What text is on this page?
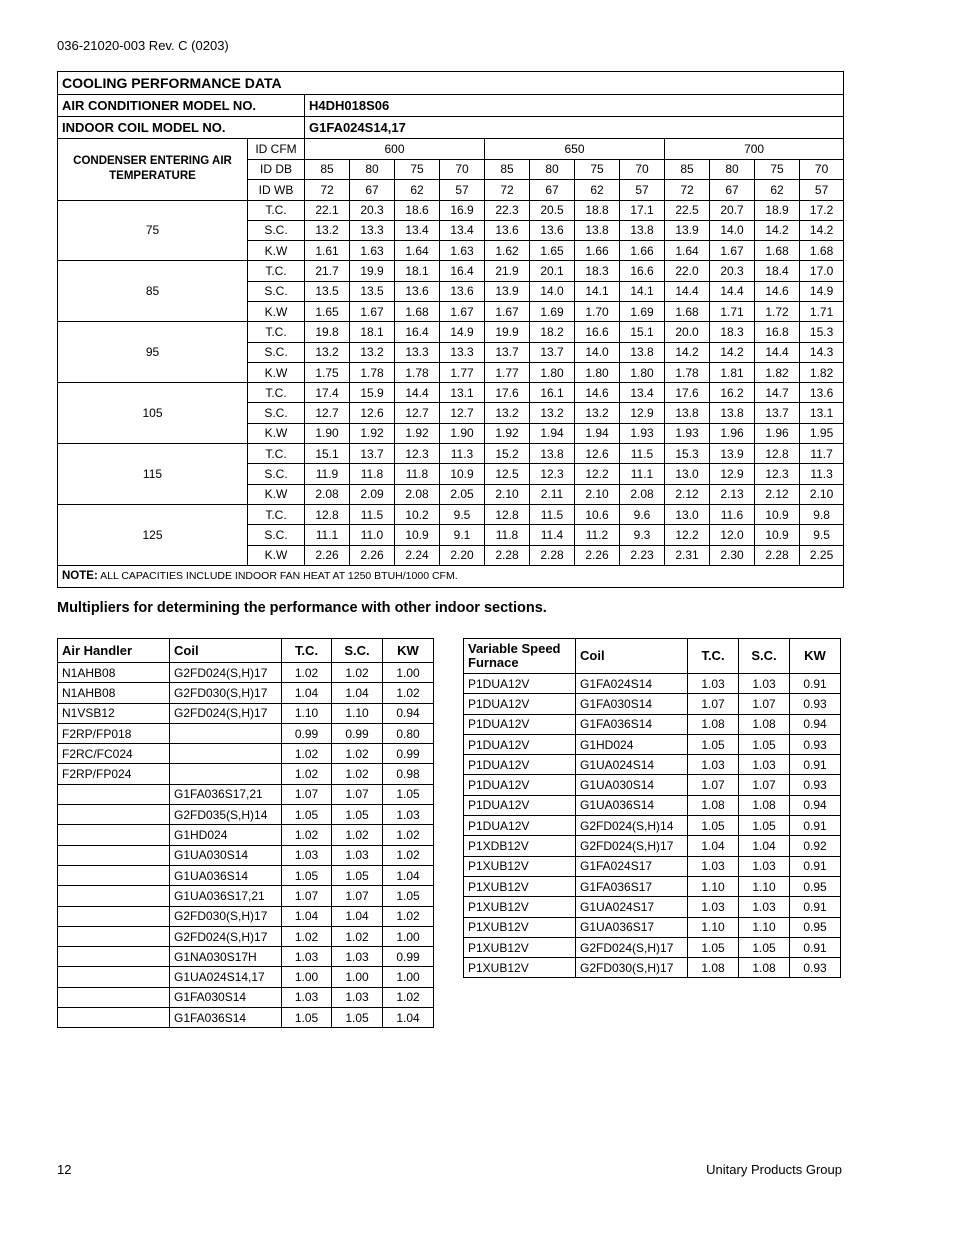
036-21020-003 Rev. C (0203)
COOLING PERFORMANCE DATA													
AIR CONDITIONER MODEL NO.		H4DH018S06											
INDOOR COIL MODEL NO.		G1FA024S14,17											
CONDENSER ENTERING AIR TEMPERATURE	ID CFM	600				650				700			
	ID DB	85	80	75	70	85	80	75	70	85	80	75	70
	ID WB	72	67	62	57	72	67	62	57	72	67	62	57
75	T.C.	22.1	20.3	18.6	16.9	22.3	20.5	18.8	17.1	22.5	20.7	18.9	17.2
	S.C.	13.2	13.3	13.4	13.4	13.6	13.6	13.8	13.8	13.9	14.0	14.2	14.2
	K.W	1.61	1.63	1.64	1.63	1.62	1.65	1.66	1.66	1.64	1.67	1.68	1.68
85	T.C.	21.7	19.9	18.1	16.4	21.9	20.1	18.3	16.6	22.0	20.3	18.4	17.0
	S.C.	13.5	13.5	13.6	13.6	13.9	14.0	14.1	14.1	14.4	14.4	14.6	14.9
	K.W	1.65	1.67	1.68	1.67	1.67	1.69	1.70	1.69	1.68	1.71	1.72	1.71
95	T.C.	19.8	18.1	16.4	14.9	19.9	18.2	16.6	15.1	20.0	18.3	16.8	15.3
	S.C.	13.2	13.2	13.3	13.3	13.7	13.7	14.0	13.8	14.2	14.2	14.4	14.3
	K.W	1.75	1.78	1.78	1.77	1.77	1.80	1.80	1.80	1.78	1.81	1.82	1.82
105	T.C.	17.4	15.9	14.4	13.1	17.6	16.1	14.6	13.4	17.6	16.2	14.7	13.6
	S.C.	12.7	12.6	12.7	12.7	13.2	13.2	13.2	12.9	13.8	13.8	13.7	13.1
	K.W	1.90	1.92	1.92	1.90	1.92	1.94	1.94	1.93	1.93	1.96	1.96	1.95
115	T.C.	15.1	13.7	12.3	11.3	15.2	13.8	12.6	11.5	15.3	13.9	12.8	11.7
	S.C.	11.9	11.8	11.8	10.9	12.5	12.3	12.2	11.1	13.0	12.9	12.3	11.3
	K.W	2.08	2.09	2.08	2.05	2.10	2.11	2.10	2.08	2.12	2.13	2.12	2.10
125	T.C.	12.8	11.5	10.2	9.5	12.8	11.5	10.6	9.6	13.0	11.6	10.9	9.8
	S.C.	11.1	11.0	10.9	9.1	11.8	11.4	11.2	9.3	12.2	12.0	10.9	9.5
	K.W	2.26	2.26	2.24	2.20	2.28	2.28	2.26	2.23	2.31	2.30	2.28	2.25
NOTE: ALL CAPACITIES INCLUDE INDOOR FAN HEAT AT 1250 BTUH/1000 CFM.													
Multipliers for determining the performance with other indoor sections.
Air Handler	Coil	T.C.	S.C.	KW
N1AHB08	G2FD024(S,H)17	1.02	1.02	1.00
N1AHB08	G2FD030(S,H)17	1.04	1.04	1.02
N1VSB12	G2FD024(S,H)17	1.10	1.10	0.94
F2RP/FP018		0.99	0.99	0.80
F2RC/FC024		1.02	1.02	0.99
F2RP/FP024		1.02	1.02	0.98
	G1FA036S17,21	1.07	1.07	1.05
	G2FD035(S,H)14	1.05	1.05	1.03
	G1HD024	1.02	1.02	1.02
	G1UA030S14	1.03	1.03	1.02
	G1UA036S14	1.05	1.05	1.04
	G1UA036S17,21	1.07	1.07	1.05
	G2FD030(S,H)17	1.04	1.04	1.02
	G2FD024(S,H)17	1.02	1.02	1.00
	G1NA030S17H	1.03	1.03	0.99
	G1UA024S14,17	1.00	1.00	1.00
	G1FA030S14	1.03	1.03	1.02
	G1FA036S14	1.05	1.05	1.04
Variable Speed Furnace	Coil	T.C.	S.C.	KW
P1DUA12V	G1FA024S14	1.03	1.03	0.91
P1DUA12V	G1FA030S14	1.07	1.07	0.93
P1DUA12V	G1FA036S14	1.08	1.08	0.94
P1DUA12V	G1HD024	1.05	1.05	0.93
P1DUA12V	G1UA024S14	1.03	1.03	0.91
P1DUA12V	G1UA030S14	1.07	1.07	0.93
P1DUA12V	G1UA036S14	1.08	1.08	0.94
P1DUA12V	G2FD024(S,H)14	1.05	1.05	0.91
P1XDB12V	G2FD024(S,H)17	1.04	1.04	0.92
P1XUB12V	G1FA024S17	1.03	1.03	0.91
P1XUB12V	G1FA036S17	1.10	1.10	0.95
P1XUB12V	G1UA024S17	1.03	1.03	0.91
P1XUB12V	G1UA036S17	1.10	1.10	0.95
P1XUB12V	G2FD024(S,H)17	1.05	1.05	0.91
P1XUB12V	G2FD030(S,H)17	1.08	1.08	0.93
12	Unitary Products Group
